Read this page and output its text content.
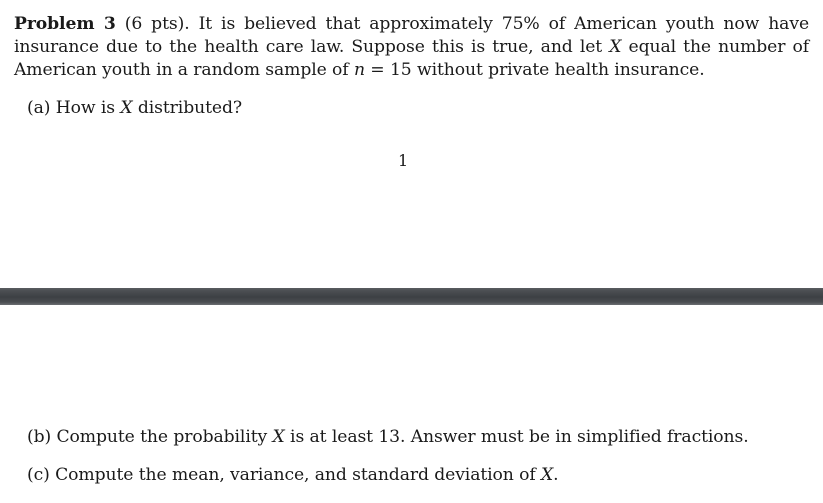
Problem 3 (6 pts). It is believed that approximately 75% of American youth now have insurance due to the health care law. Suppose this is true, and let X equal the number of American youth in a random sample of n = 15 without private health insurance.

(a) How is X distributed?

1

(b) Compute the probability X is at least 13. Answer must be in simplified fractions.

(c) Compute the mean, variance, and standard deviation of X.
